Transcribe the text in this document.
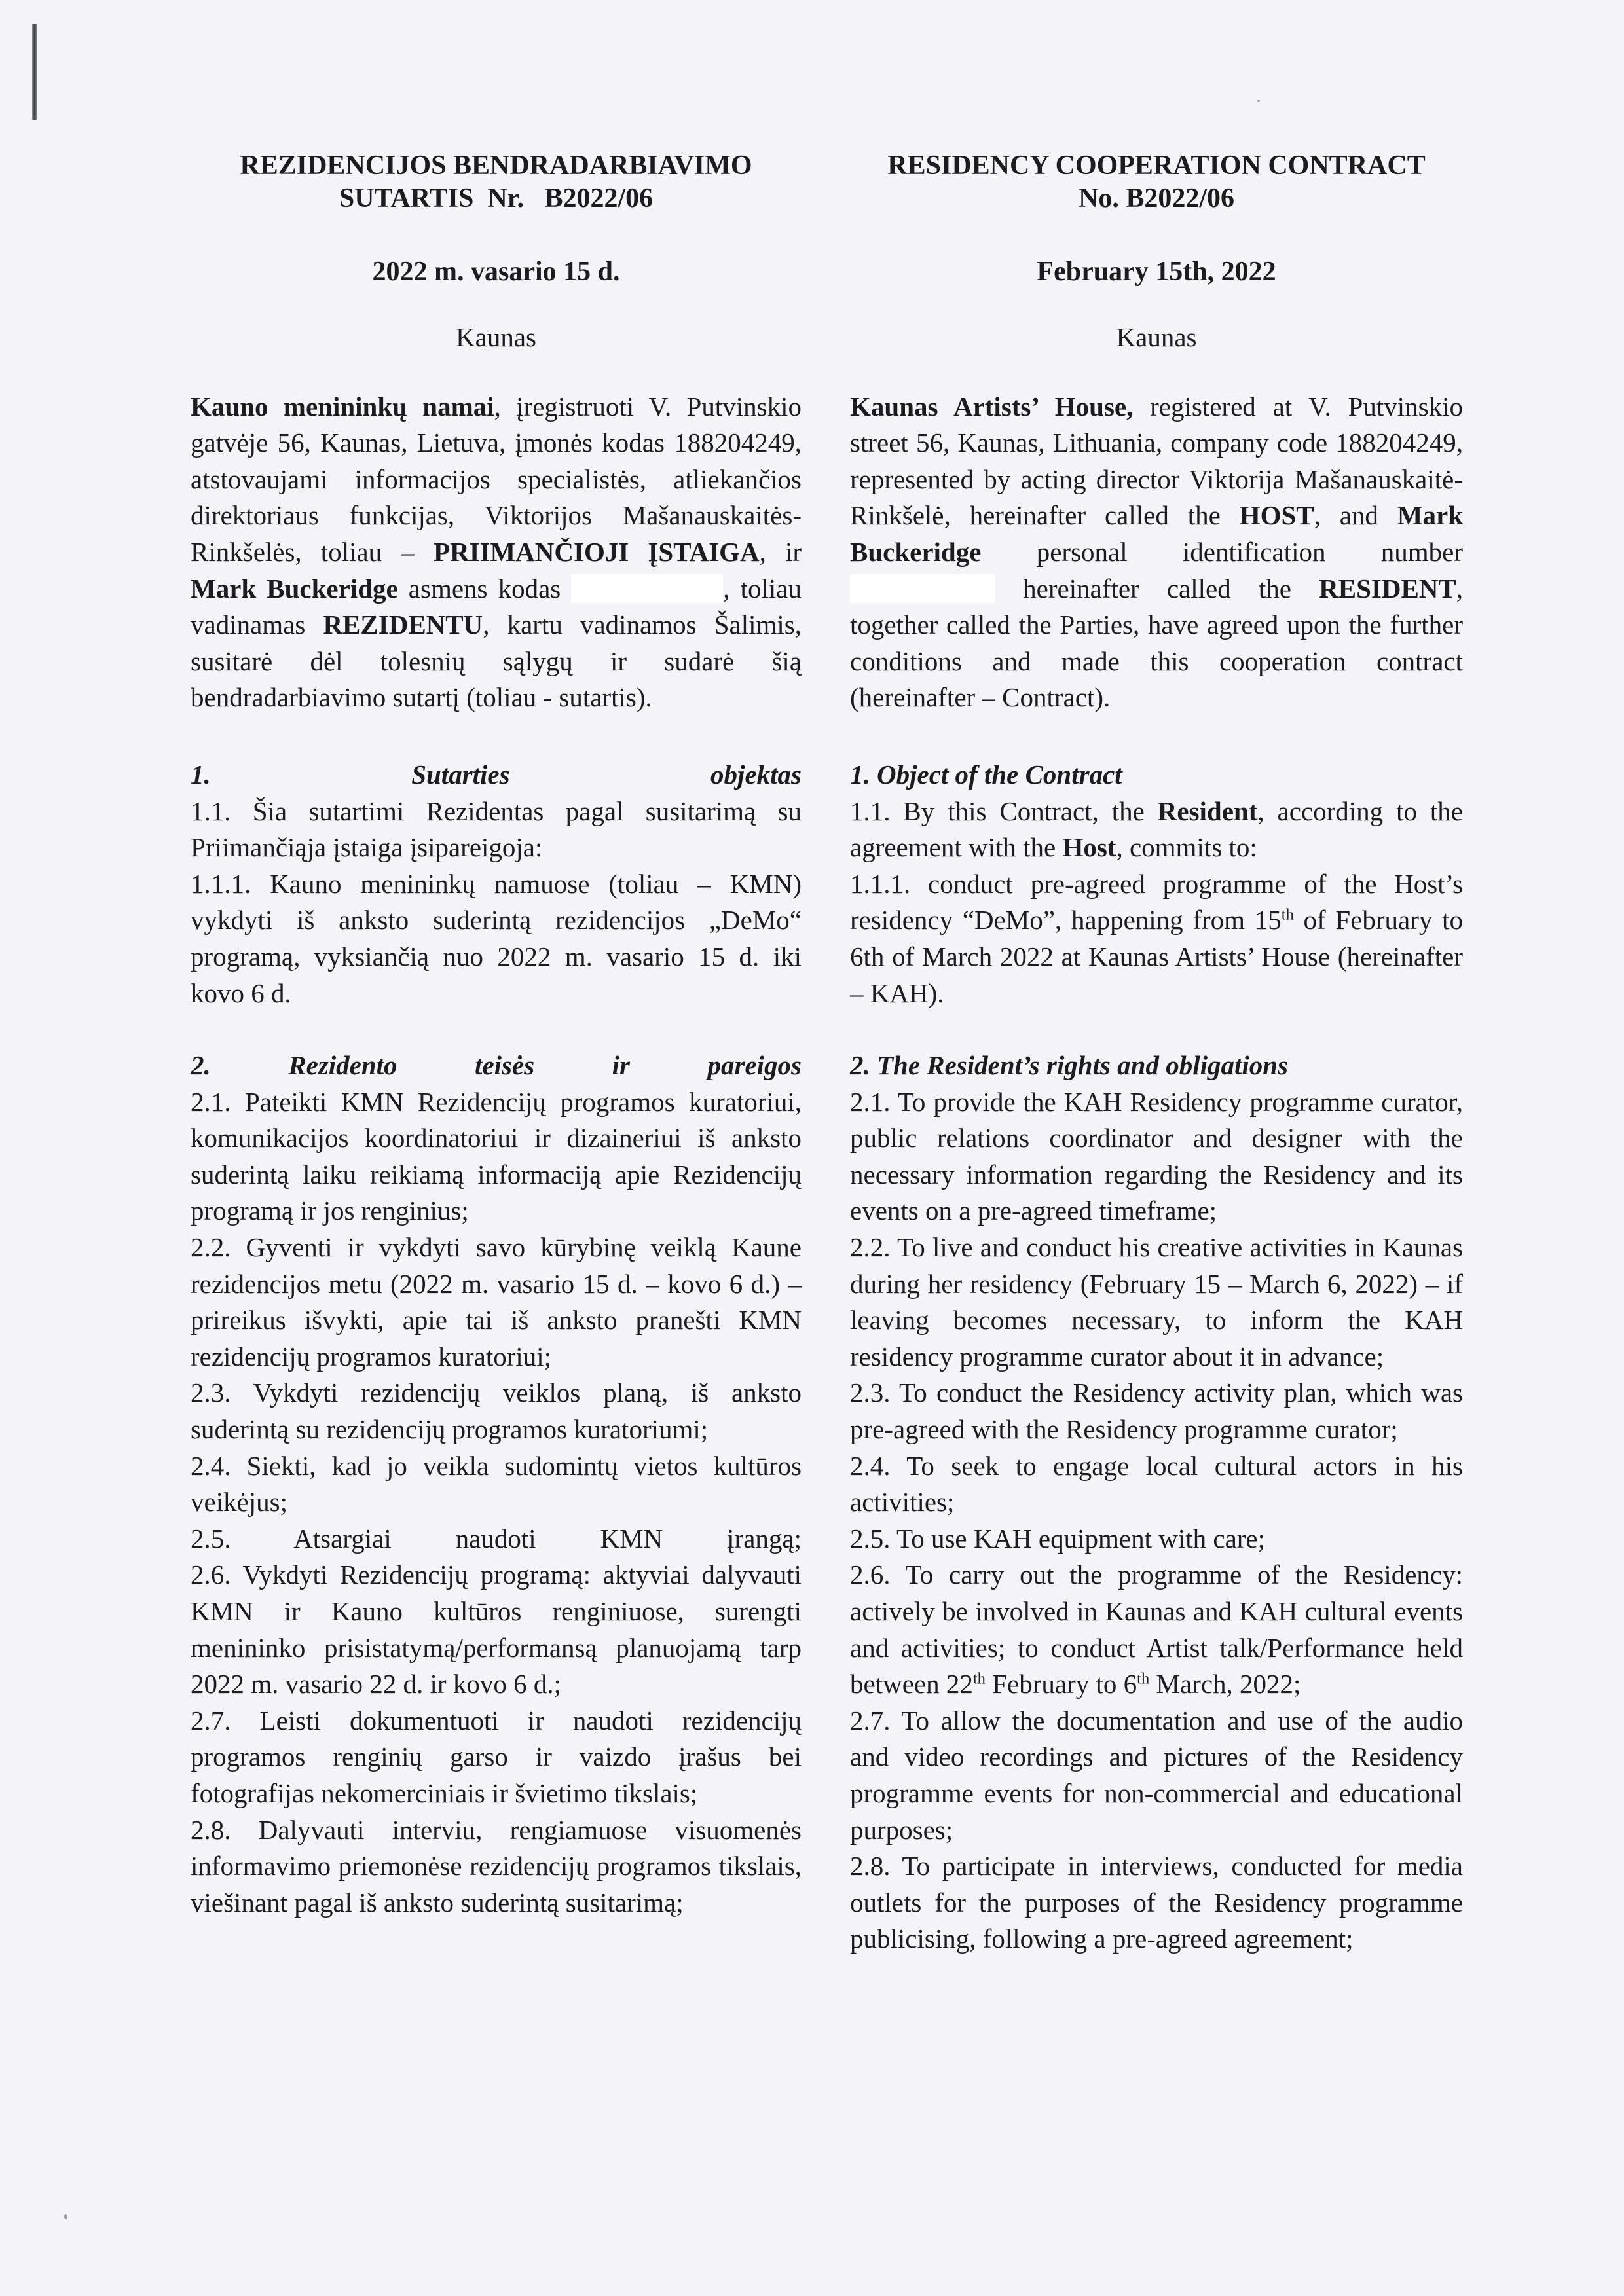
REZIDENCIJOS BENDRADARBIAVIMO

SUTARTIS  Nr.   B2022/06

2022 m. vasario 15 d.
Kaunas
Kauno menininkų namai, įregistruoti V. Putvinskio gatvėje 56, Kaunas, Lietuva, įmonės kodas 188204249, atstovaujami informacijos specialistės, atliekančios direktoriaus funkcijas, Viktorijos Mašanauskaitės-Rinkšelės, toliau – PRIIMANČIOJI ĮSTAIGA, ir Mark Buckeridge asmens kodas	, toliau vadinamas REZIDENTU, kartu vadinamos Šalimis, susitarė dėl tolesnių sąlygų ir sudarė šią bendradarbiavimo sutartį (toliau - sutartis).
1.	Sutarties	objektas
1.1. Šia sutartimi Rezidentas pagal susitarimą su Priimančiąja įstaiga įsipareigoja:
1.1.1. Kauno menininkų namuose (toliau – KMN) vykdyti iš anksto suderintą rezidencijos „DeMo“ programą, vyksiančią nuo 2022 m. vasario 15 d. iki kovo 6 d.
2.	Rezidento	teisės	ir	pareigos
2.1. Pateikti KMN Rezidencijų programos kuratoriui, komunikacijos koordinatoriui ir dizaineriui iš anksto suderintą laiku reikiamą informaciją apie Rezidencijų programą ir jos renginius;
2.2. Gyventi ir vykdyti savo kūrybinę veiklą Kaune rezidencijos metu (2022 m. vasario 15 d. – kovo 6 d.) – prireikus išvykti, apie tai iš anksto pranešti KMN rezidencijų programos kuratoriui;
2.3. Vykdyti rezidencijų veiklos planą, iš anksto suderintą su rezidencijų programos kuratoriumi;
2.4. Siekti, kad jo veikla sudomintų vietos kultūros veikėjus;
2.5. Atsargiai naudoti KMN įrangą;
2.6. Vykdyti Rezidencijų programą: aktyviai dalyvauti KMN ir Kauno kultūros renginiuose, surengti menininko prisistatymą/performansą planuojamą tarp 2022 m. vasario 22 d. ir kovo 6 d.;
2.7. Leisti dokumentuoti ir naudoti rezidencijų programos renginių garso ir vaizdo įrašus bei fotografijas nekomerciniais ir švietimo tikslais;
2.8. Dalyvauti interviu, rengiamuose visuomenės informavimo priemonėse rezidencijų programos tikslais, viešinant pagal iš anksto suderintą susitarimą;

RESIDENCY COOPERATION CONTRACT

No. B2022/06

February 15th, 2022
Kaunas
Kaunas Artists’ House, registered at V. Putvinskio street 56, Kaunas, Lithuania, company code 188204249, represented by acting director Viktorija Mašanauskaitė-Rinkšelė, hereinafter called the HOST, and Mark Buckeridge personal identification number  hereinafter called the RESIDENT, together called the Parties, have agreed upon the further conditions and made this cooperation contract (hereinafter – Contract).
1. Object of the Contract
1.1. By this Contract, the Resident, according to the agreement with the Host, commits to:
1.1.1. conduct pre-agreed programme of the Host’s residency “DeMo”, happening from 15th of February to 6th of March 2022 at Kaunas Artists’ House (hereinafter – KAH).
2. The Resident’s rights and obligations
2.1. To provide the KAH Residency programme curator, public relations coordinator and designer with the necessary information regarding the Residency and its events on a pre-agreed timeframe;
2.2. To live and conduct his creative activities in Kaunas during her residency (February 15 – March 6, 2022) – if leaving becomes necessary, to inform the KAH residency programme curator about it in advance;
2.3. To conduct the Residency activity plan, which was pre-agreed with the Residency programme curator;
2.4. To seek to engage local cultural actors in his activities;
2.5. To use KAH equipment with care;
2.6. To carry out the programme of the Residency: actively be involved in Kaunas and KAH cultural events and activities; to conduct Artist talk/Performance held between 22th February to 6th March, 2022;
2.7. To allow the documentation and use of the audio and video recordings and pictures of the Residency programme events for non-commercial and educational purposes;
2.8. To participate in interviews, conducted for media outlets for the purposes of the Residency programme publicising, following a pre-agreed agreement;
